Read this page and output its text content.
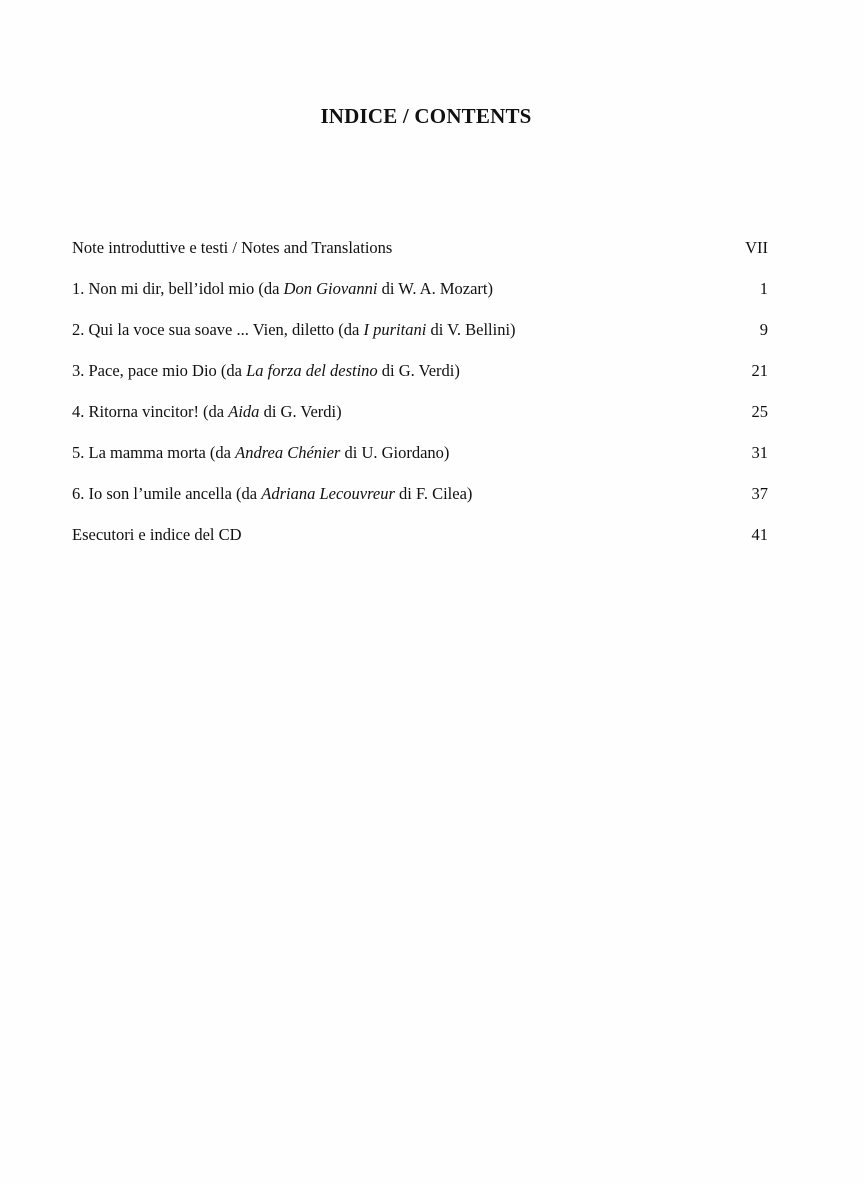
INDICE / CONTENTS
Note introduttive e testi / Notes and Translations	VII
1. Non mi dir, bell’idol mio (da Don Giovanni di W. A. Mozart)	1
2. Qui la voce sua soave ... Vien, diletto (da I puritani di V. Bellini)	9
3. Pace, pace mio Dio (da La forza del destino di G. Verdi)	21
4. Ritorna vincitor! (da Aida di G. Verdi)	25
5. La mamma morta (da Andrea Chénier di U. Giordano)	31
6. Io son l’umile ancella (da Adriana Lecouvreur di F. Cilea)	37
Esecutori e indice del CD	41
